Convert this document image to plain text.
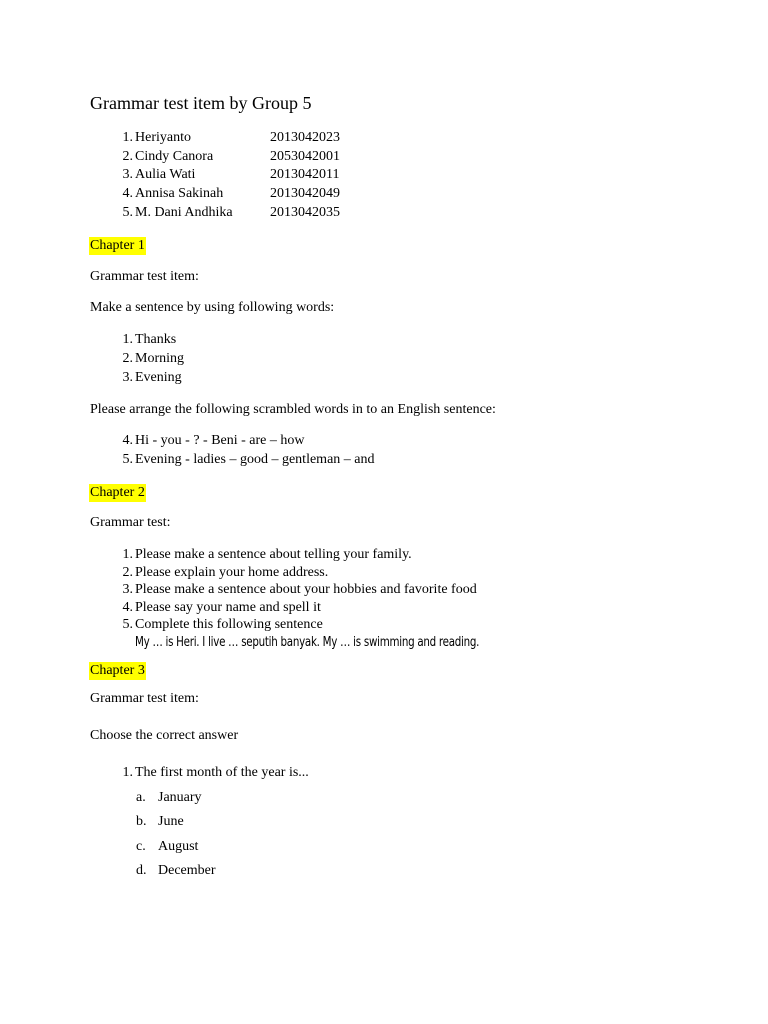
Grammar test item by Group 5
1. Heriyanto	2013042023
2. Cindy Canora	2053042001
3. Aulia Wati	2013042011
4. Annisa Sakinah	2013042049
5. M. Dani Andhika	2013042035
Chapter 1
Grammar test item:
Make a sentence by using following words:
1. Thanks
2. Morning
3. Evening
Please arrange the following scrambled words in to an English sentence:
4. Hi - you - ? - Beni - are – how
5. Evening - ladies – good – gentleman – and
Chapter 2
Grammar test:
1. Please make a sentence about telling your family.
2. Please explain your home address.
3. Please make a sentence about your hobbies and favorite food
4. Please say your name and spell it
5. Complete this following sentence
My … is Heri. I live … seputih banyak. My … is swimming and reading.
Chapter 3
Grammar test item:
Choose the correct answer
1. The first month of the year is...
a. January
b. June
c. August
d. December
